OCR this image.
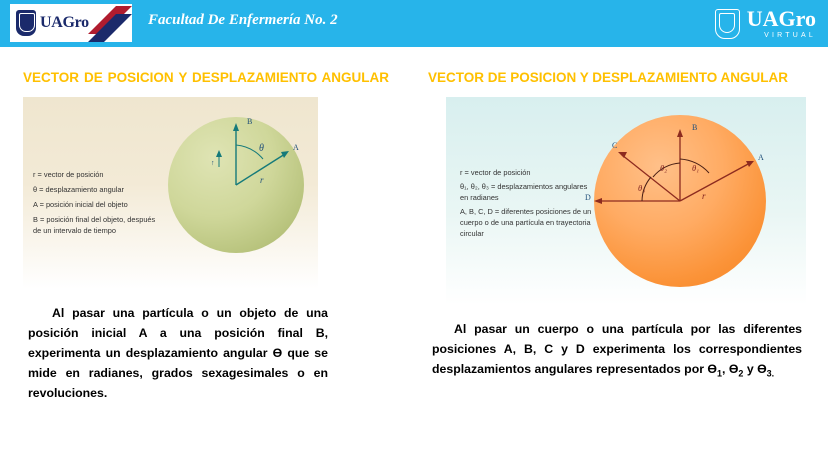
UAGro	Facultad De Enfermería No. 2	UAGro
VIRTUAL
VECTOR DE POSICION Y DESPLAZAMIENTO ANGULAR
B
A
θ
r
↑
r = vector de posición
θ = desplazamiento angular
A = posición inicial del objeto
B = posición final del objeto, después de un intervalo de tiempo
Al pasar una partícula o un objeto de una posición inicial A a una posición final B, experimenta un desplazamiento angular Ɵ que se mide en radianes, grados sexagesimales o en revoluciones.
VECTOR DE POSICION Y DESPLAZAMIENTO ANGULAR
B
A
C
D
θ₁
θ₂
θ₃
r
r = vector de posición
θ₁, θ₂, θ₃ = desplazamientos angulares en radianes
A, B, C, D = diferentes posiciones de un cuerpo o de una partícula en trayectoria circular
Al pasar un cuerpo o una partícula por las diferentes posiciones A, B, C y D experimenta los correspondientes desplazamientos angulares representados por $Ɵ_1$, $Ɵ_2$ y $Ɵ_{3.}$
